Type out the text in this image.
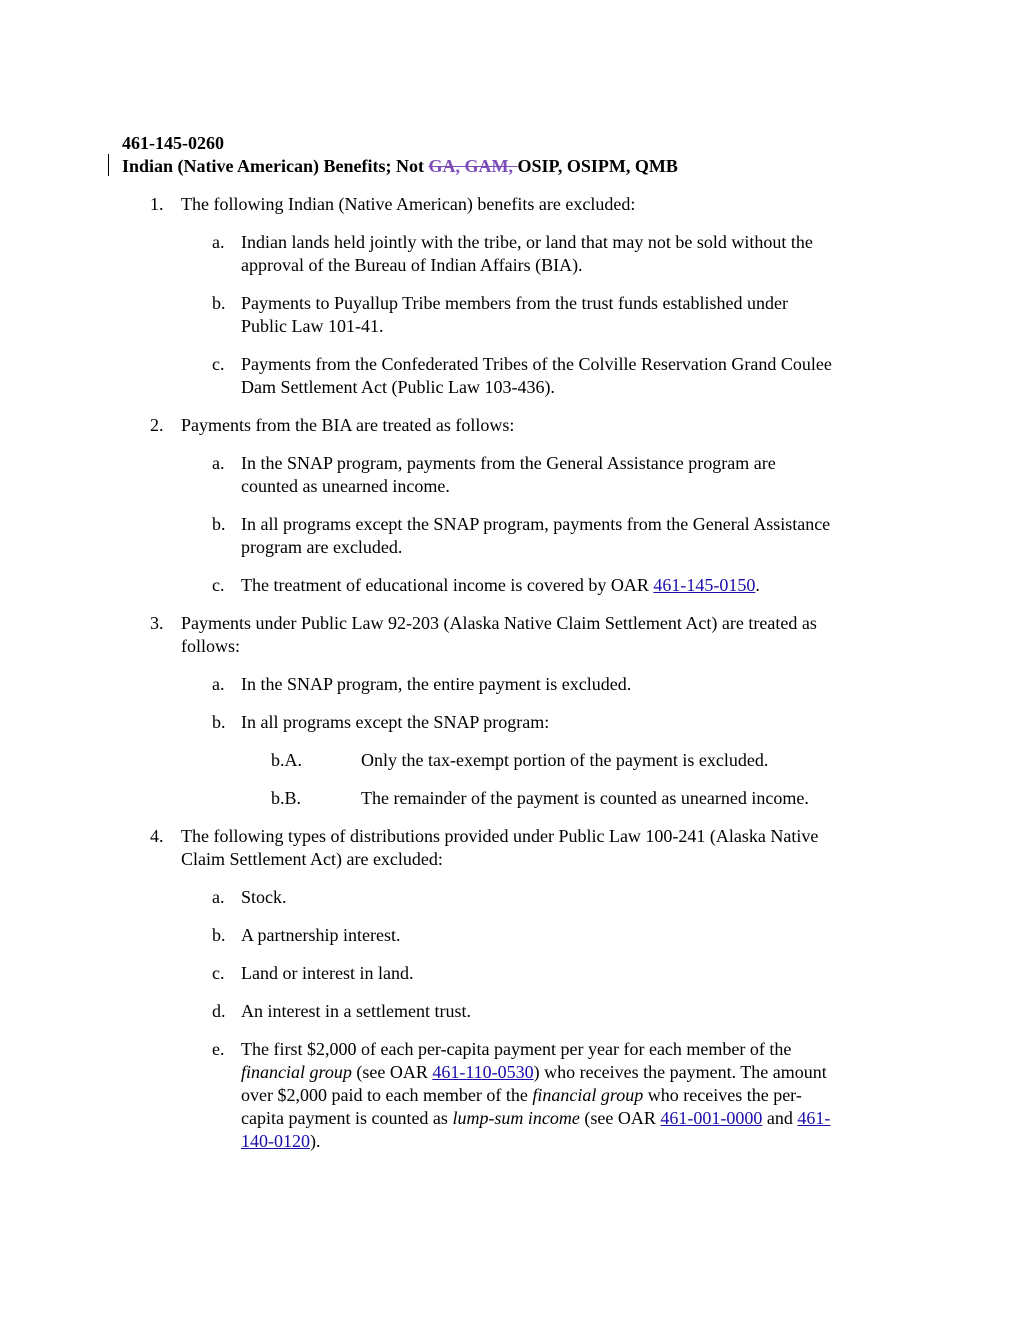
461-145-0260
Indian (Native American) Benefits; Not GA, GAM, OSIP, OSIPM, QMB
1. The following Indian (Native American) benefits are excluded:
a. Indian lands held jointly with the tribe, or land that may not be sold without the
approval of the Bureau of Indian Affairs (BIA).
b. Payments to Puyallup Tribe members from the trust funds established under
Public Law 101-41.
c. Payments from the Confederated Tribes of the Colville Reservation Grand Coulee
Dam Settlement Act (Public Law 103-436).
2. Payments from the BIA are treated as follows:
a. In the SNAP program, payments from the General Assistance program are
counted as unearned income.
b. In all programs except the SNAP program, payments from the General Assistance
program are excluded.
c. The treatment of educational income is covered by OAR 461-145-0150.
3. Payments under Public Law 92-203 (Alaska Native Claim Settlement Act) are treated as
follows:
a. In the SNAP program, the entire payment is excluded.
b. In all programs except the SNAP program:
b.A.	Only the tax-exempt portion of the payment is excluded.
b.B.	The remainder of the payment is counted as unearned income.
4. The following types of distributions provided under Public Law 100-241 (Alaska Native
Claim Settlement Act) are excluded:
a. Stock.
b. A partnership interest.
c. Land or interest in land.
d. An interest in a settlement trust.
e. The first $2,000 of each per-capita payment per year for each member of the
financial group (see OAR 461-110-0530) who receives the payment. The amount
over $2,000 paid to each member of the financial group who receives the per-
capita payment is counted as lump-sum income (see OAR 461-001-0000 and 461-
140-0120).
